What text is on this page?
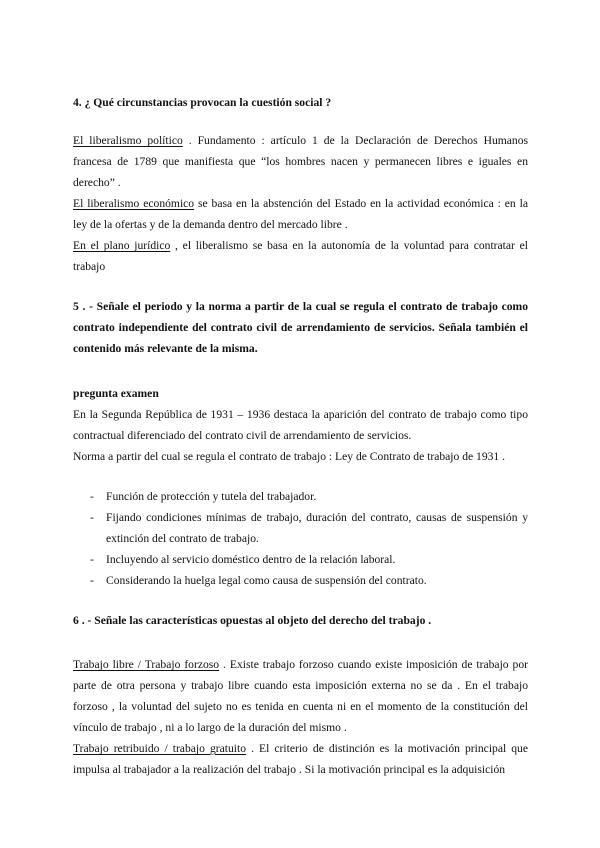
4. ¿ Qué circunstancias provocan la cuestión social ?

El liberalismo político . Fundamento : artículo 1 de la Declaración de Derechos Humanos francesa de 1789 que manifiesta que “los hombres nacen y permanecen libres e iguales en derecho” .

El liberalismo económico se basa en la abstención del Estado en la actividad económica : en la ley de la ofertas y de la demanda dentro del mercado libre .

En el plano jurídico , el liberalismo se basa en la autonomía de la voluntad para contratar el trabajo

5 . - Señale el periodo y la norma a partir de la cual se regula el contrato de trabajo como contrato independiente del contrato civil de arrendamiento de servicios. Señala también el contenido más relevante de la misma.

pregunta examen

En la Segunda República de 1931 – 1936 destaca la aparición del contrato de trabajo como tipo contractual diferenciado del contrato civil de arrendamiento de servicios.

Norma a partir del cual se regula el contrato de trabajo : Ley de Contrato de trabajo de 1931 .

- Función de protección y tutela del trabajador.
- Fijando condiciones mínimas de trabajo, duración del contrato, causas de suspensión y extinción del contrato de trabajo.
- Incluyendo al servicio doméstico dentro de la relación laboral.
- Considerando la huelga legal como causa de suspensión del contrato.

6 . - Señale las características opuestas al objeto del derecho del trabajo .

Trabajo libre / Trabajo forzoso . Existe trabajo forzoso cuando existe imposición de trabajo por parte de otra persona y trabajo libre cuando esta imposición externa no se da . En el trabajo forzoso , la voluntad del sujeto no es tenida en cuenta ni en el momento de la constitución del vínculo de trabajo , ni a lo largo de la duración del mismo .

Trabajo retribuido / trabajo gratuito . El criterio de distinción es la motivación principal que impulsa al trabajador a la realización del trabajo . Si la motivación principal es la adquisición
